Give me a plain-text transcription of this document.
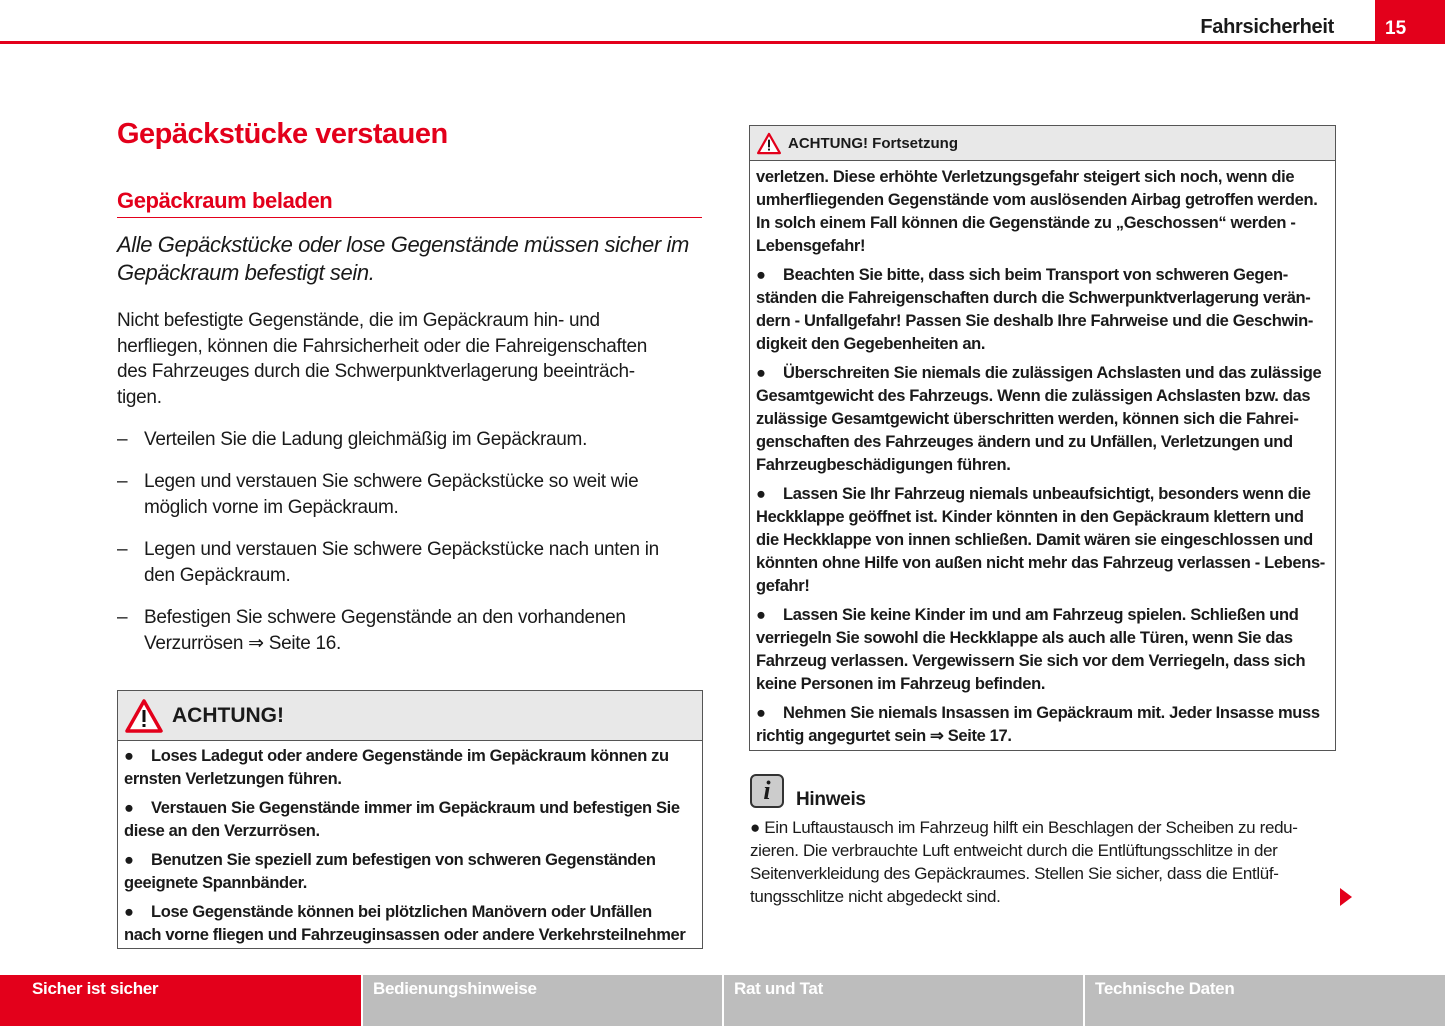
Fahrsicherheit	15
Gepäckstücke verstauen
Gepäckraum beladen
Alle Gepäckstücke oder lose Gegenstände müssen sicher im
Gepäckraum befestigt sein.
Nicht befestigte Gegenstände, die im Gepäckraum hin- und
herfliegen, können die Fahrsicherheit oder die Fahreigenschaften
des Fahrzeuges durch die Schwerpunktverlagerung beeinträch-
tigen.
– Verteilen Sie die Ladung gleichmäßig im Gepäckraum.
– Legen und verstauen Sie schwere Gepäckstücke so weit wie
möglich vorne im Gepäckraum.
– Legen und verstauen Sie schwere Gepäckstücke nach unten in
den Gepäckraum.
– Befestigen Sie schwere Gegenstände an den vorhandenen
Verzurrösen ⇒ Seite 16.
ACHTUNG!

● Loses Ladegut oder andere Gegenstände im Gepäckraum können zu
ernsten Verletzungen führen.

● Verstauen Sie Gegenstände immer im Gepäckraum und befestigen Sie
diese an den Verzurrösen.

● Benutzen Sie speziell zum befestigen von schweren Gegenständen
geeignete Spannbänder.

● Lose Gegenstände können bei plötzlichen Manövern oder Unfällen
nach vorne fliegen und Fahrzeuginsassen oder andere Verkehrsteilnehmer

ACHTUNG! Fortsetzung

verletzen. Diese erhöhte Verletzungsgefahr steigert sich noch, wenn die
umherfliegenden Gegenstände vom auslösenden Airbag getroffen werden.
In solch einem Fall können die Gegenstände zu „Geschossen“ werden -
Lebensgefahr!

● Beachten Sie bitte, dass sich beim Transport von schweren Gegen-
ständen die Fahreigenschaften durch die Schwerpunktverlagerung verän-
dern - Unfallgefahr! Passen Sie deshalb Ihre Fahrweise und die Geschwin-
digkeit den Gegebenheiten an.

● Überschreiten Sie niemals die zulässigen Achslasten und das zulässige
Gesamtgewicht des Fahrzeugs. Wenn die zulässigen Achslasten bzw. das
zulässige Gesamtgewicht überschritten werden, können sich die Fahrei-
genschaften des Fahrzeuges ändern und zu Unfällen, Verletzungen und
Fahrzeugbeschädigungen führen.

● Lassen Sie Ihr Fahrzeug niemals unbeaufsichtigt, besonders wenn die
Heckklappe geöffnet ist. Kinder könnten in den Gepäckraum klettern und
die Heckklappe von innen schließen. Damit wären sie eingeschlossen und
könnten ohne Hilfe von außen nicht mehr das Fahrzeug verlassen - Lebens-
gefahr!

● Lassen Sie keine Kinder im und am Fahrzeug spielen. Schließen und
verriegeln Sie sowohl die Heckklappe als auch alle Türen, wenn Sie das
Fahrzeug verlassen. Vergewissern Sie sich vor dem Verriegeln, dass sich
keine Personen im Fahrzeug befinden.

● Nehmen Sie niemals Insassen im Gepäckraum mit. Jeder Insasse muss
richtig angegurtet sein ⇒ Seite 17.

i	Hinweis
● Ein Luftaustausch im Fahrzeug hilft ein Beschlagen der Scheiben zu redu-
zieren. Die verbrauchte Luft entweicht durch die Entlüftungsschlitze in der
Seitenverkleidung des Gepäckraumes. Stellen Sie sicher, dass die Entlüf-
tungsschlitze nicht abgedeckt sind.
Sicher ist sicher	Bedienungshinweise	Rat und Tat	Technische Daten
